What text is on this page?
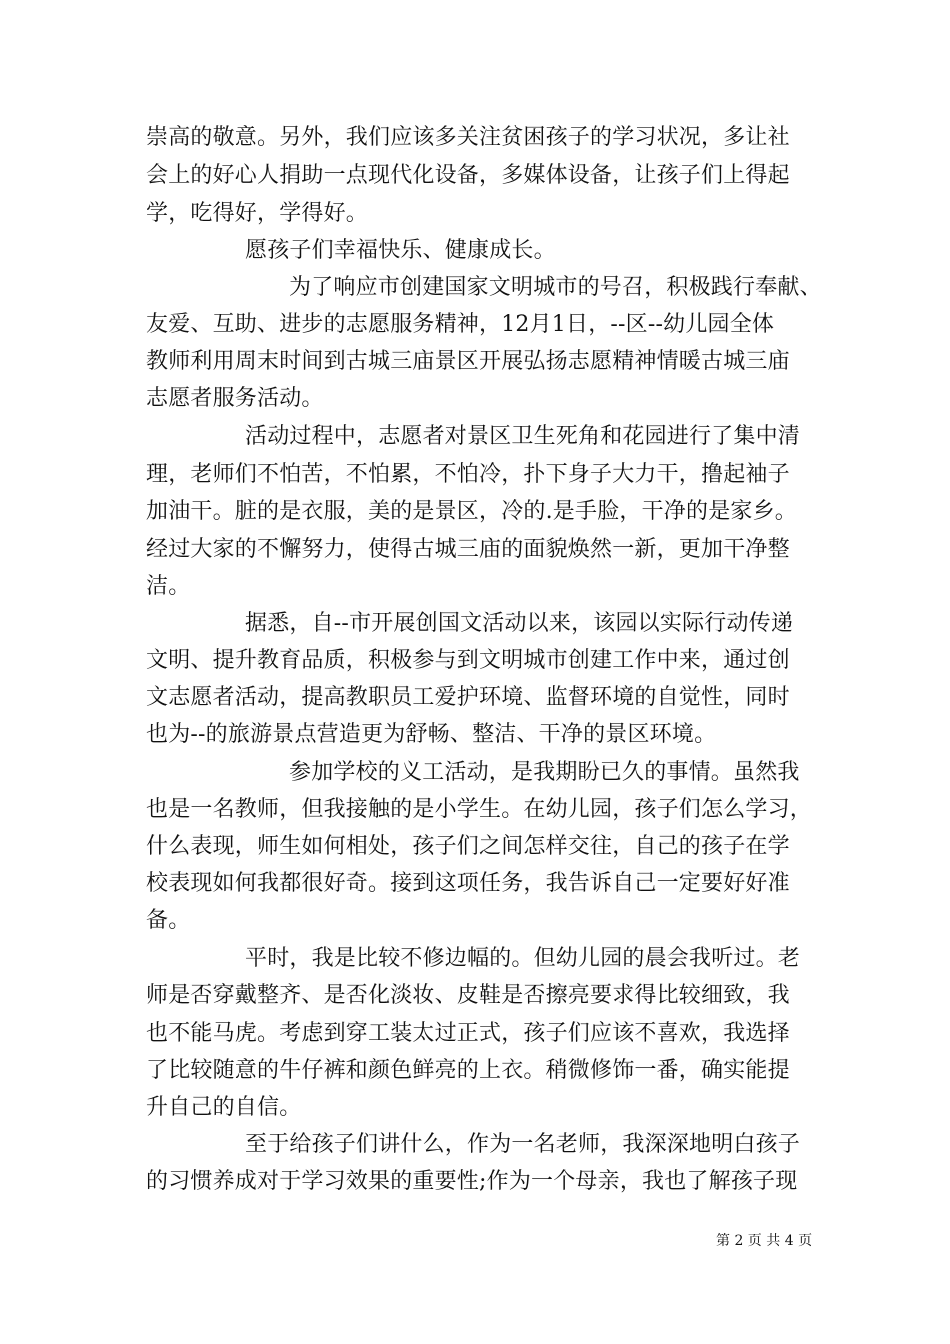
崇高的敬意。另外，我们应该多关注贫困孩子的学习状况，多让社
会上的好心人捐助一点现代化设备，多媒体设备，让孩子们上得起
学，吃得好，学得好。
愿孩子们幸福快乐、健康成长。
为了响应市创建国家文明城市的号召，积极践行奉献、
友爱、互助、进步的志愿服务精神，12月1日，--区--幼儿园全体
教师利用周末时间到古城三庙景区开展弘扬志愿精神情暖古城三庙
志愿者服务活动。
活动过程中，志愿者对景区卫生死角和花园进行了集中清
理，老师们不怕苦，不怕累，不怕冷，扑下身子大力干，撸起袖子
加油干。脏的是衣服，美的是景区，冷的.是手脸，干净的是家乡。
经过大家的不懈努力，使得古城三庙的面貌焕然一新，更加干净整
洁。
据悉，自--市开展创国文活动以来，该园以实际行动传递
文明、提升教育品质，积极参与到文明城市创建工作中来，通过创
文志愿者活动，提高教职员工爱护环境、监督环境的自觉性，同时
也为--的旅游景点营造更为舒畅、整洁、干净的景区环境。
参加学校的义工活动，是我期盼已久的事情。虽然我
也是一名教师，但我接触的是小学生。在幼儿园，孩子们怎么学习，
什么表现，师生如何相处，孩子们之间怎样交往，自己的孩子在学
校表现如何我都很好奇。接到这项任务，我告诉自己一定要好好准
备。
平时，我是比较不修边幅的。但幼儿园的晨会我听过。老
师是否穿戴整齐、是否化淡妆、皮鞋是否擦亮要求得比较细致，我
也不能马虎。考虑到穿工装太过正式，孩子们应该不喜欢，我选择
了比较随意的牛仔裤和颜色鲜亮的上衣。稍微修饰一番，确实能提
升自己的自信。
至于给孩子们讲什么，作为一名老师，我深深地明白孩子
的习惯养成对于学习效果的重要性;作为一个母亲，我也了解孩子现
第 2 页 共 4 页
